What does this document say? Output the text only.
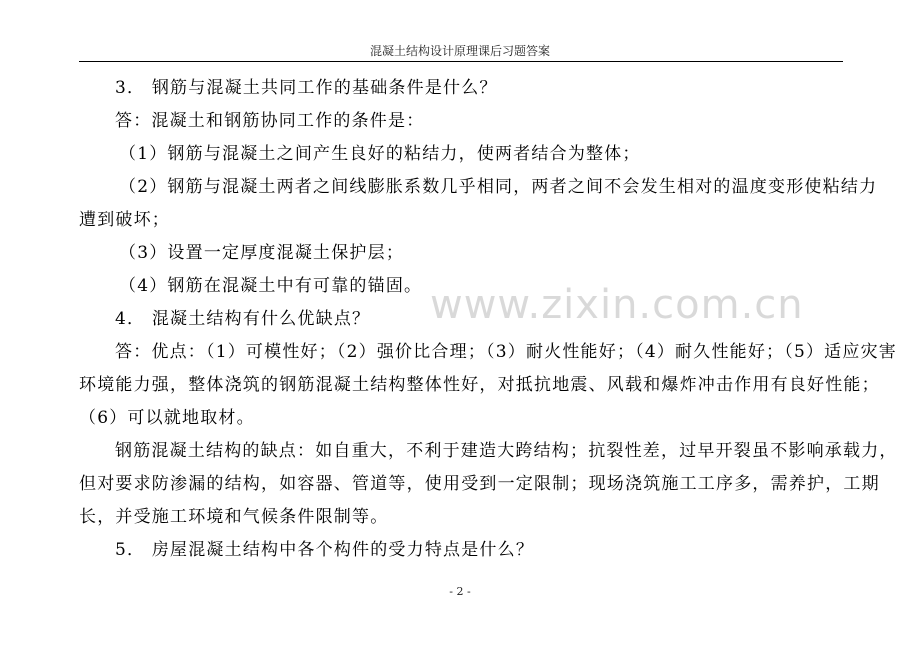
混凝土结构设计原理课后习题答案
3． 钢筋与混凝土共同工作的基础条件是什么？
答：混凝土和钢筋协同工作的条件是：
（1）钢筋与混凝土之间产生良好的粘结力，使两者结合为整体；
（2）钢筋与混凝土两者之间线膨胀系数几乎相同，两者之间不会发生相对的温度变形使粘结力
遭到破坏；
（3）设置一定厚度混凝土保护层；
（4）钢筋在混凝土中有可靠的锚固。
4． 混凝土结构有什么优缺点？
答：优点：（1）可模性好；（2）强价比合理；（3）耐火性能好；（4）耐久性能好；（5）适应灾害
环境能力强，整体浇筑的钢筋混凝土结构整体性好，对抵抗地震、风载和爆炸冲击作用有良好性能；
（6）可以就地取材。
钢筋混凝土结构的缺点：如自重大，不利于建造大跨结构；抗裂性差，过早开裂虽不影响承载力，
但对要求防渗漏的结构，如容器、管道等，使用受到一定限制；现场浇筑施工工序多，需养护，工期
长，并受施工环境和气候条件限制等。
5． 房屋混凝土结构中各个构件的受力特点是什么？
www.zixin.com.cn
- 2 -
